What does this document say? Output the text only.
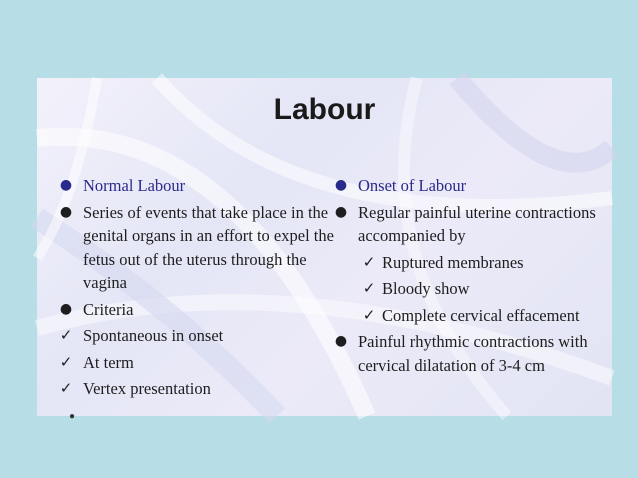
Labour
● Normal Labour
● Series of events that take place in the genital organs in an effort to expel the fetus out of the uterus through the vagina
● Criteria
✓ Spontaneous in onset
✓ At term
✓ Vertex presentation
● Onset of Labour
● Regular painful uterine contractions accompanied by
✓ Ruptured membranes
✓ Bloody show
✓ Complete cervical effacement
● Painful rhythmic contractions with cervical dilatation of 3-4 cm
●
